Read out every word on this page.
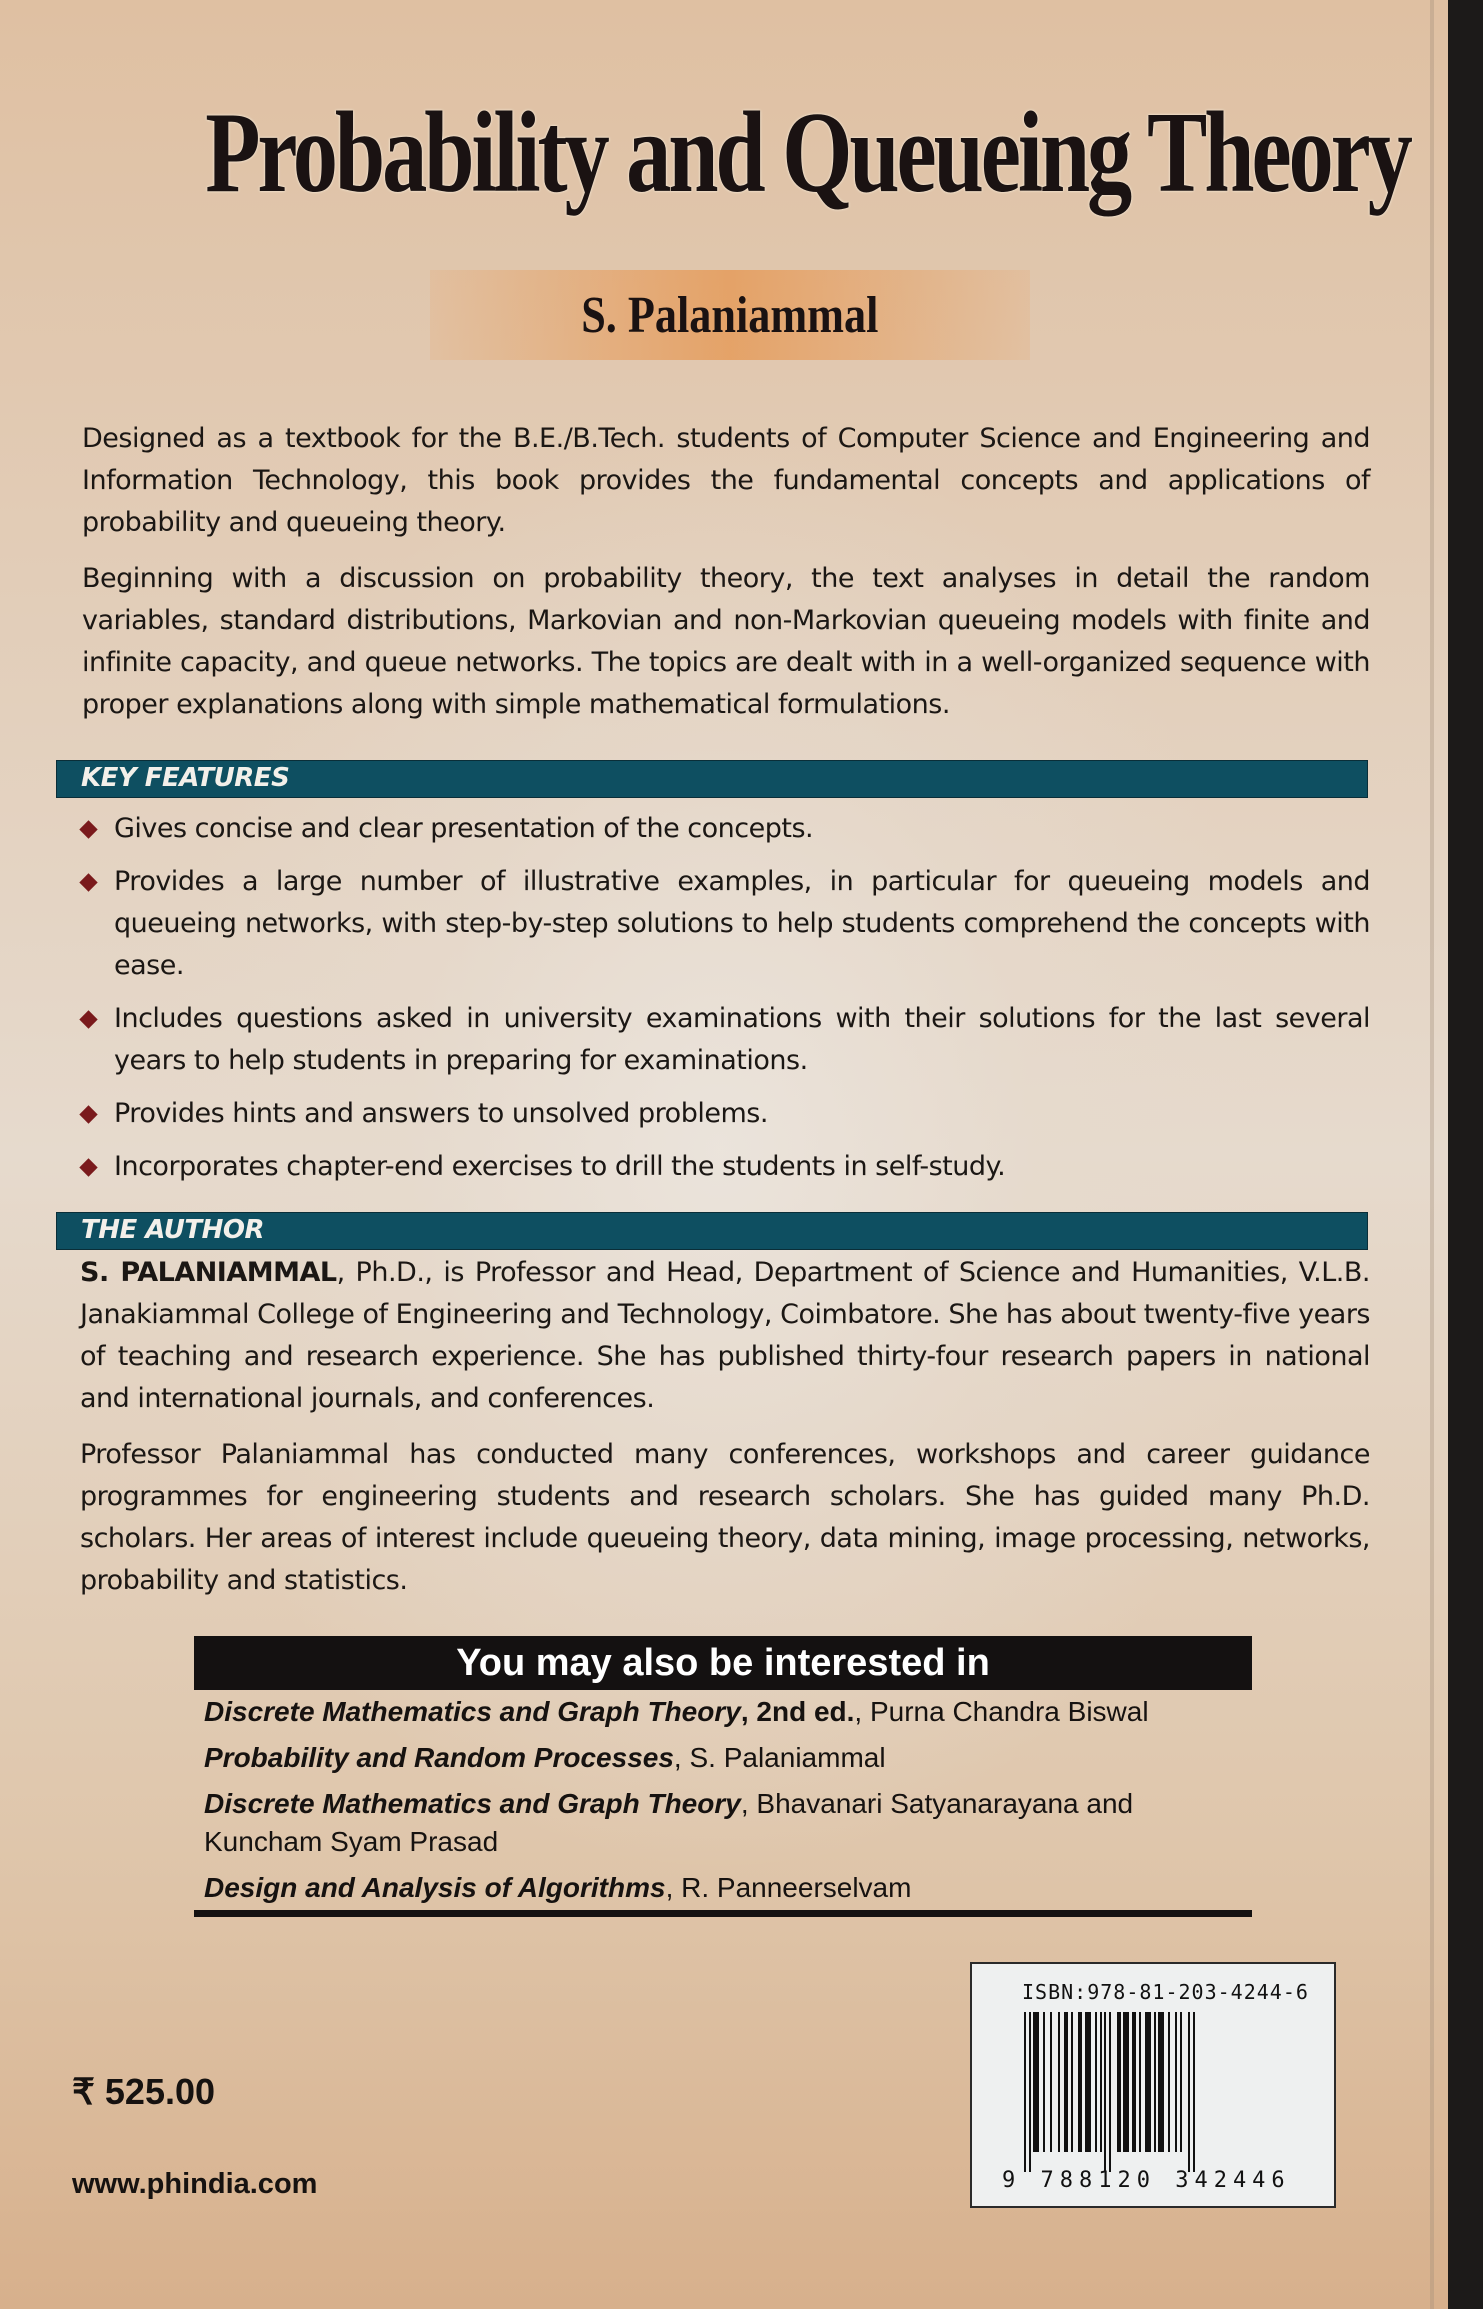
Probability and Queueing Theory
S. Palaniammal
Designed as a textbook for the B.E./B.Tech. students of Computer Science and Engineering and Information Technology, this book provides the fundamental concepts and applications of probability and queueing theory.
Beginning with a discussion on probability theory, the text analyses in detail the random variables, standard distributions, Markovian and non-Markovian queueing models with finite and infinite capacity, and queue networks. The topics are dealt with in a well-organized sequence with proper explanations along with simple mathematical formulations.
KEY FEATURES
Gives concise and clear presentation of the concepts.
Provides a large number of illustrative examples, in particular for queueing models and queueing networks, with step-by-step solutions to help students comprehend the concepts with ease.
Includes questions asked in university examinations with their solutions for the last several years to help students in preparing for examinations.
Provides hints and answers to unsolved problems.
Incorporates chapter-end exercises to drill the students in self-study.
THE AUTHOR

S. PALANIAMMAL, Ph.D., is Professor and Head, Department of Science and Humanities, V.L.B. Janakiammal College of Engineering and Technology, Coimbatore. She has about twenty-five years of teaching and research experience. She has published thirty-four research papers in national and international journals, and conferences.

Professor Palaniammal has conducted many conferences, workshops and career guidance programmes for engineering students and research scholars. She has guided many Ph.D. scholars. Her areas of interest include queueing theory, data mining, image processing, networks, probability and statistics.

You may also be interested in
Discrete Mathematics and Graph Theory, 2nd ed., Purna Chandra Biswal
Probability and Random Processes, S. Palaniammal
Discrete Mathematics and Graph Theory, Bhavanari Satyanarayana and Kuncham Syam Prasad
Design and Analysis of Algorithms, R. Panneerselvam
₹ 525.00
www.phindia.com
ISBN:978-81-203-4244-6
9 788120 342446
